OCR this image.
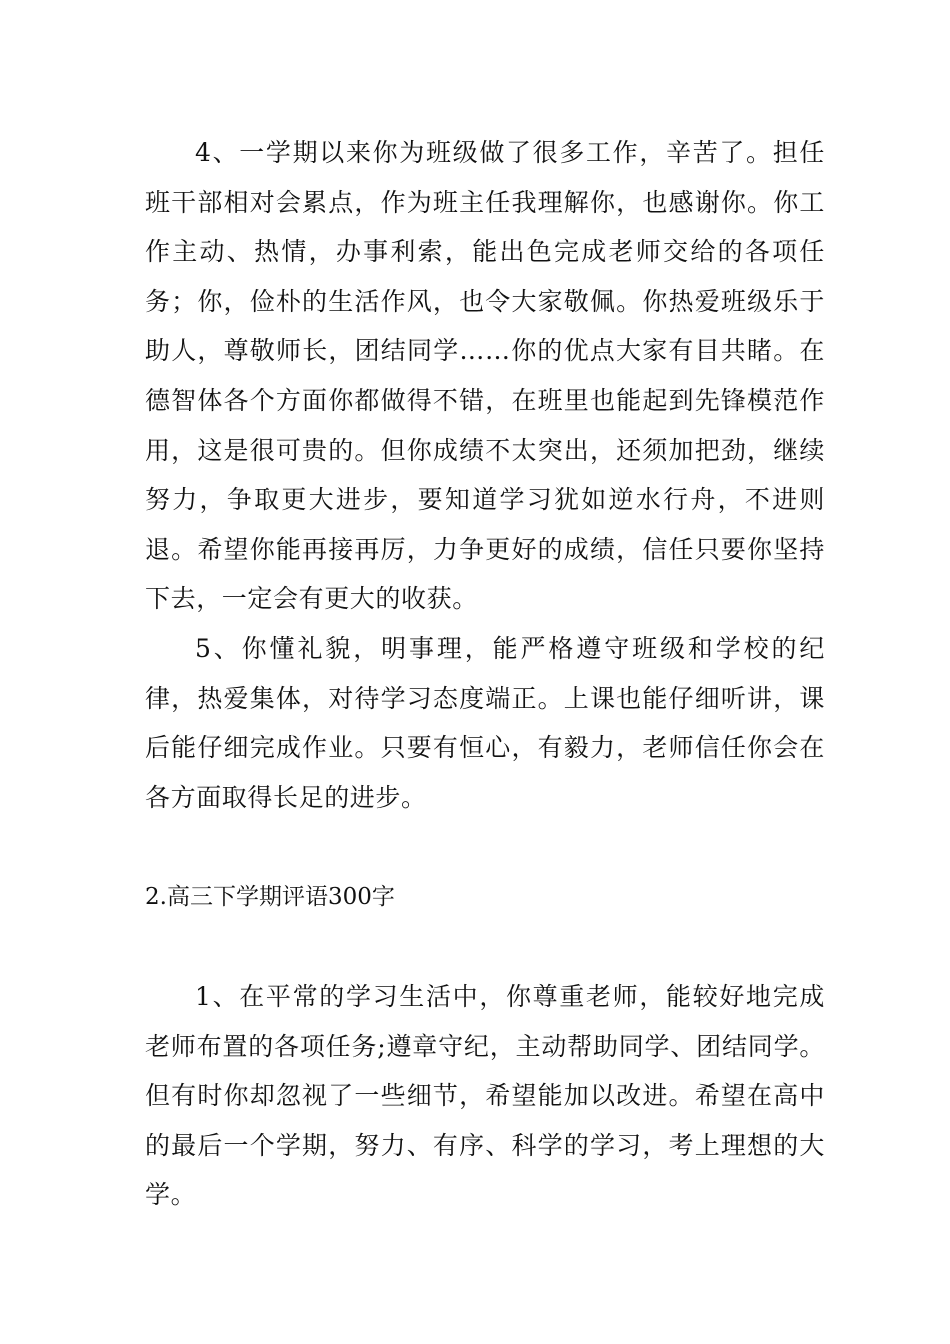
4、一学期以来你为班级做了很多工作，辛苦了。担任班干部相对会累点，作为班主任我理解你，也感谢你。你工作主动、热情，办事利索，能出色完成老师交给的各项任务；你，俭朴的生活作风，也令大家敬佩。你热爱班级乐于助人，尊敬师长，团结同学……你的优点大家有目共睹。在德智体各个方面你都做得不错，在班里也能起到先锋模范作用，这是很可贵的。但你成绩不太突出，还须加把劲，继续努力，争取更大进步，要知道学习犹如逆水行舟，不进则退。希望你能再接再厉，力争更好的成绩，信任只要你坚持下去，一定会有更大的收获。

5、你懂礼貌，明事理，能严格遵守班级和学校的纪律，热爱集体，对待学习态度端正。上课也能仔细听讲，课后能仔细完成作业。只要有恒心，有毅力，老师信任你会在各方面取得长足的进步。

2.高三下学期评语300字

1、在平常的学习生活中，你尊重老师，能较好地完成老师布置的各项任务;遵章守纪，主动帮助同学、团结同学。但有时你却忽视了一些细节，希望能加以改进。希望在高中的最后一个学期，努力、有序、科学的学习，考上理想的大学。
